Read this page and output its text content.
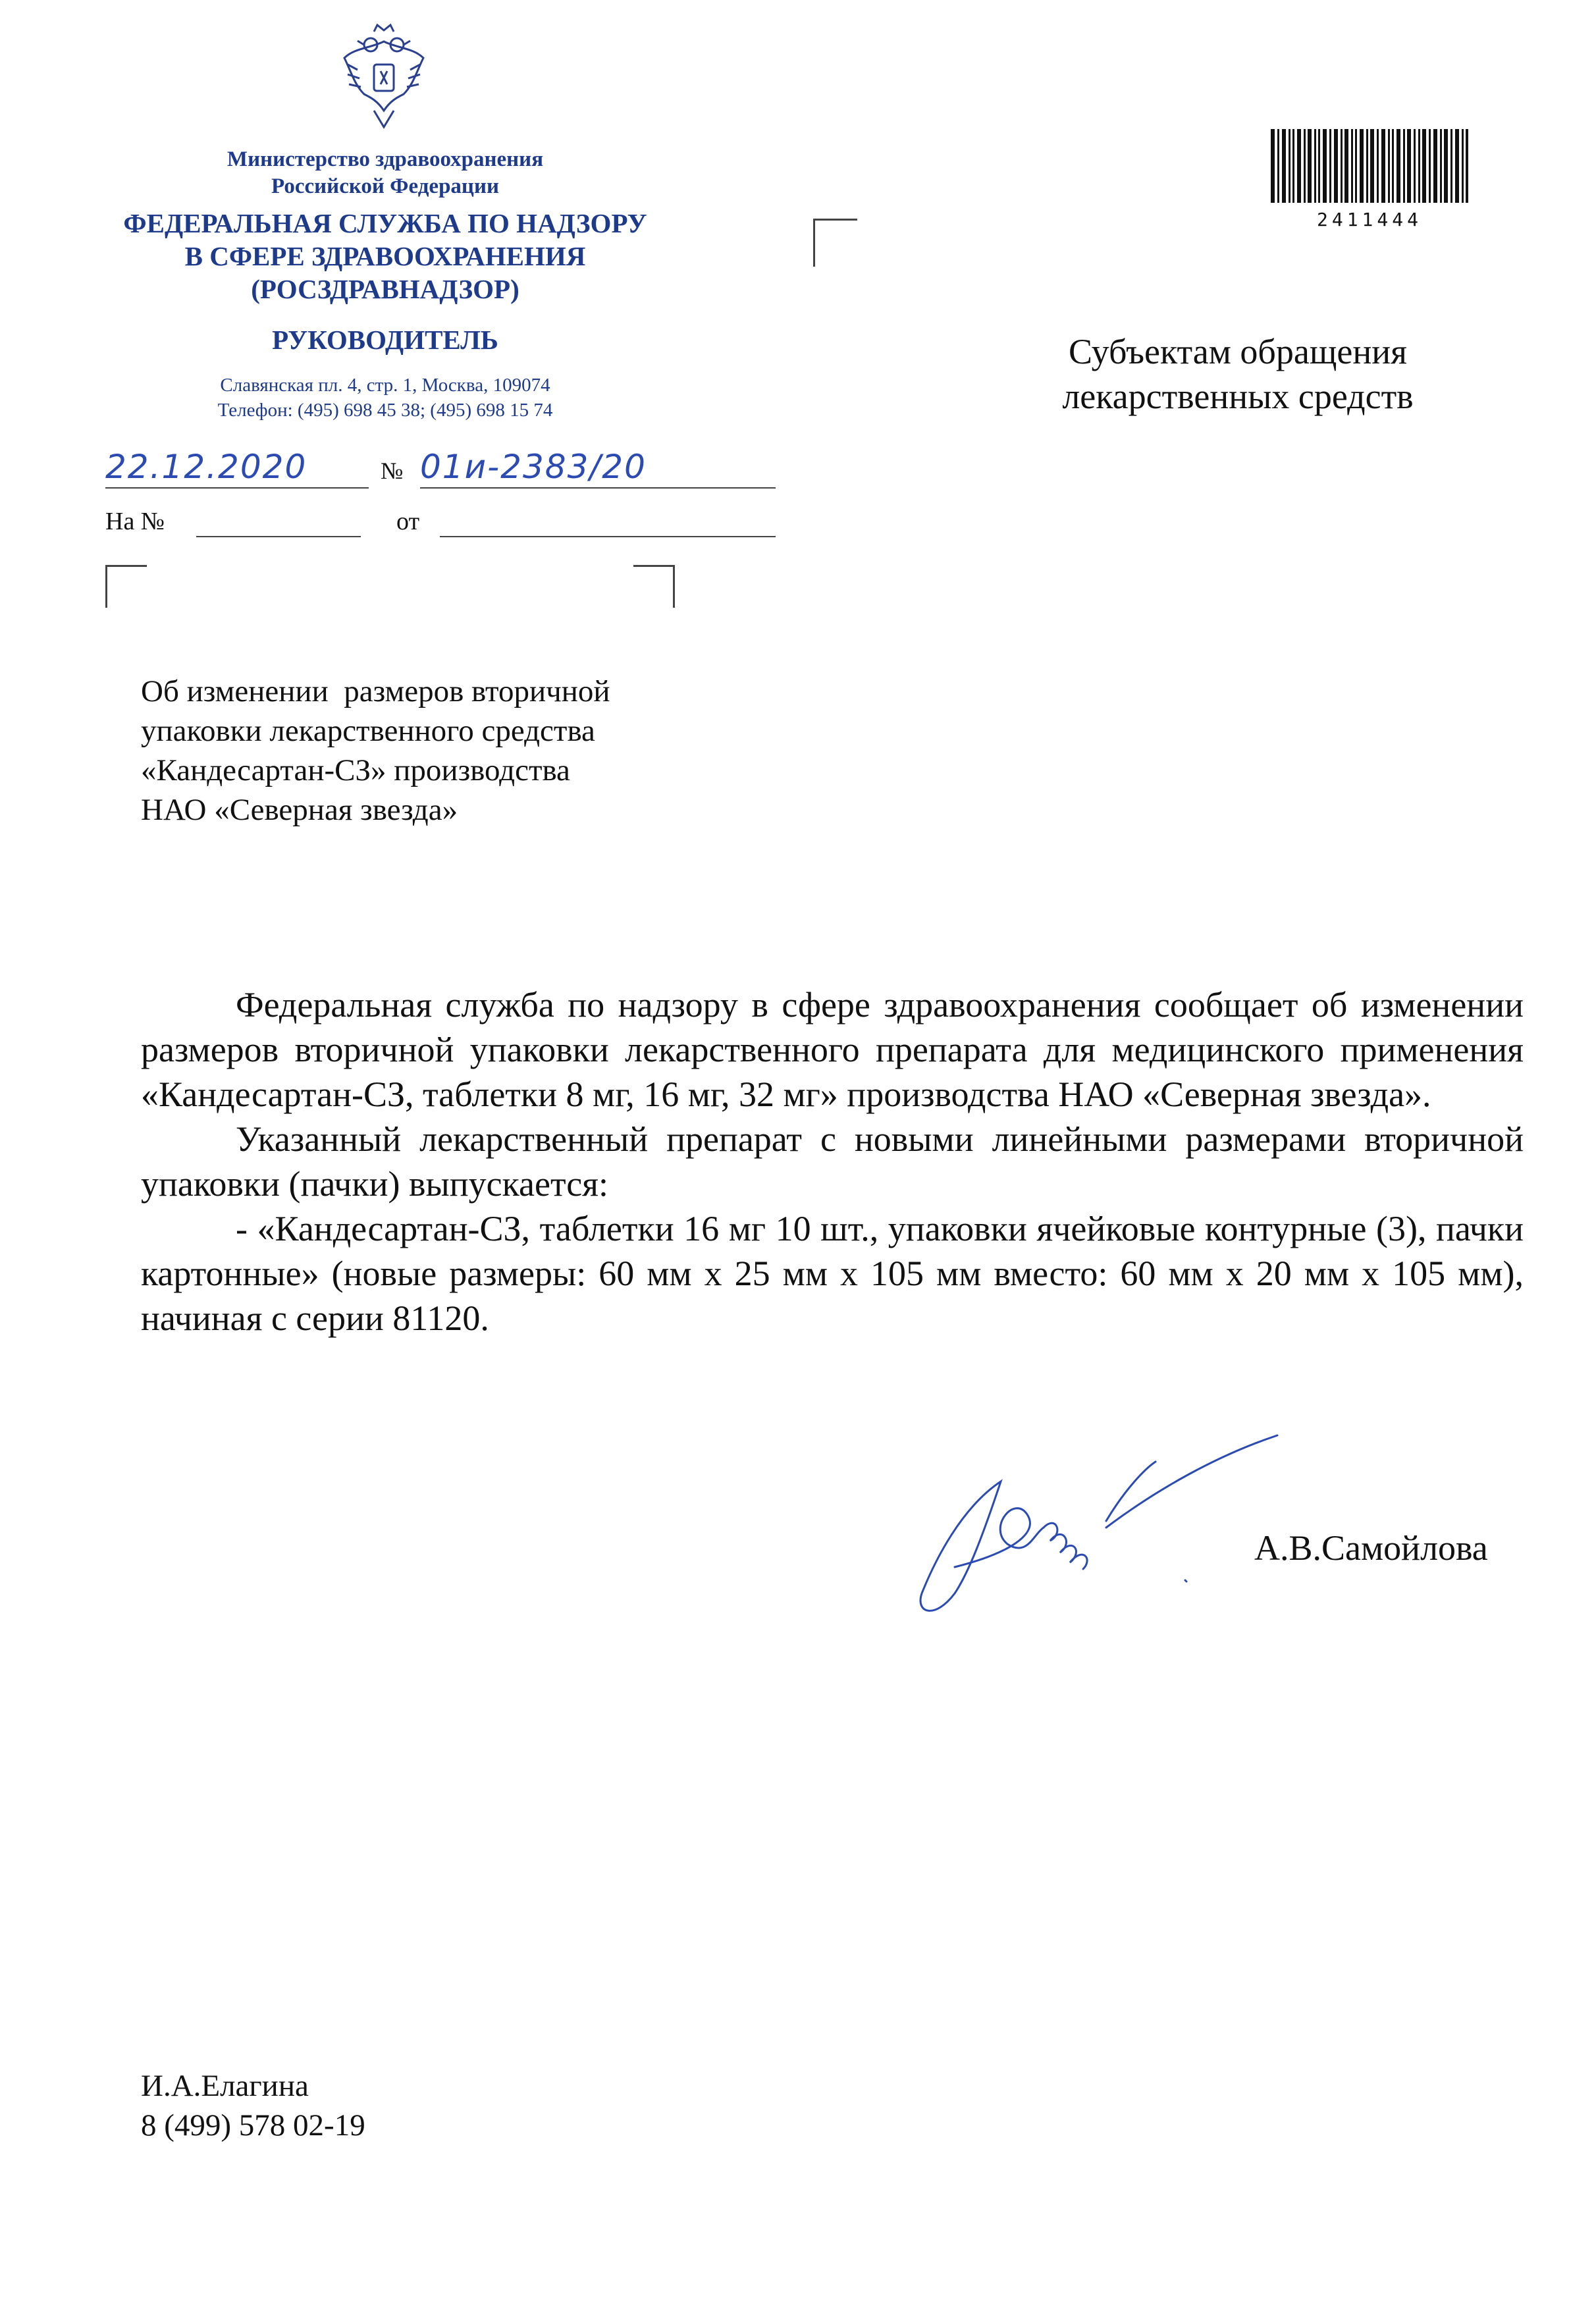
Министерство здравоохранения
Российской Федерации
ФЕДЕРАЛЬНАЯ СЛУЖБА ПО НАДЗОРУ
В СФЕРЕ ЗДРАВООХРАНЕНИЯ
(РОСЗДРАВНАДЗОР)
РУКОВОДИТЕЛЬ
Славянская пл. 4, стр. 1, Москва, 109074
Телефон: (495) 698 45 38; (495) 698 15 74
22.12.2020	№ 01и-2383/20
На №	от
2411444
Субъектам обращения
лекарственных средств
Об изменении  размеров вторичной
упаковки лекарственного средства
«Кандесартан-СЗ» производства
НАО «Северная звезда»

Федеральная служба по надзору в сфере здравоохранения сообщает об изменении размеров вторичной упаковки лекарственного препарата для медицинского применения «Кандесартан-СЗ, таблетки 8 мг, 16 мг, 32 мг» производства НАО «Северная звезда».

Указанный лекарственный препарат с новыми линейными размерами вторичной упаковки (пачки) выпускается:

- «Кандесартан-СЗ, таблетки 16 мг 10 шт., упаковки ячейковые контурные (3), пачки картонные» (новые размеры: 60 мм х 25 мм х 105 мм вместо: 60 мм х 20 мм х 105 мм), начиная с серии 81120.

А.В.Самойлова
И.А.Елагина
8 (499) 578 02-19
